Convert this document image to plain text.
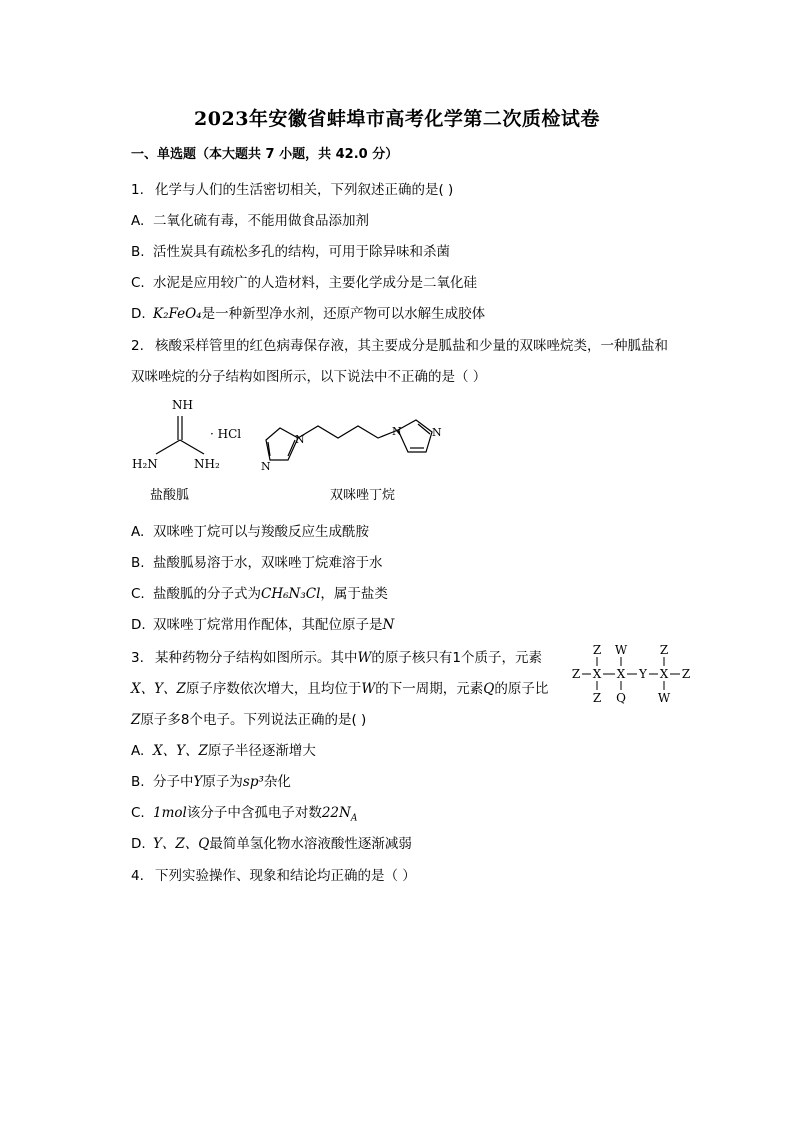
2023年安徽省蚌埠市高考化学第二次质检试卷
一、单选题（本大题共 7 小题，共 42.0 分）
1. 化学与人们的生活密切相关，下列叙述正确的是( )
A. 二氧化硫有毒，不能用做食品添加剂
B. 活性炭具有疏松多孔的结构，可用于除异味和杀菌
C. 水泥是应用较广的人造材料，主要化学成分是二氧化硅
D. K₂FeO₄是一种新型净水剂，还原产物可以水解生成胶体
2. 核酸采样管里的红色病毒保存液，其主要成分是胍盐和少量的双咪唑烷类，一种胍盐和
双咪唑烷的分子结构如图所示，以下说法中不正确的是（ ）
NH
· HCl
H₂N	NH₂
盐酸胍
N
N
N	N
双咪唑丁烷
A. 双咪唑丁烷可以与羧酸反应生成酰胺
B. 盐酸胍易溶于水，双咪唑丁烷难溶于水
C. 盐酸胍的分子式为CH₆N₃Cl，属于盐类
D. 双咪唑丁烷常用作配体，其配位原子是N
3. 某种药物分子结构如图所示。其中W的原子核只有1个质子，元素
X、Y、Z原子序数依次增大，且均位于W的下一周期，元素Q的原子比
Z原子多8个电子。下列说法正确的是( )
Z W	Z
Z X X Y X Z
Z Q	W
A. X、Y、Z原子半径逐渐增大
B. 分子中Y原子为sp³杂化
C. 1mol该分子中含孤电子对数$22N_A$
D. Y、Z、Q最简单氢化物水溶液酸性逐渐减弱
4. 下列实验操作、现象和结论均正确的是（ ）
